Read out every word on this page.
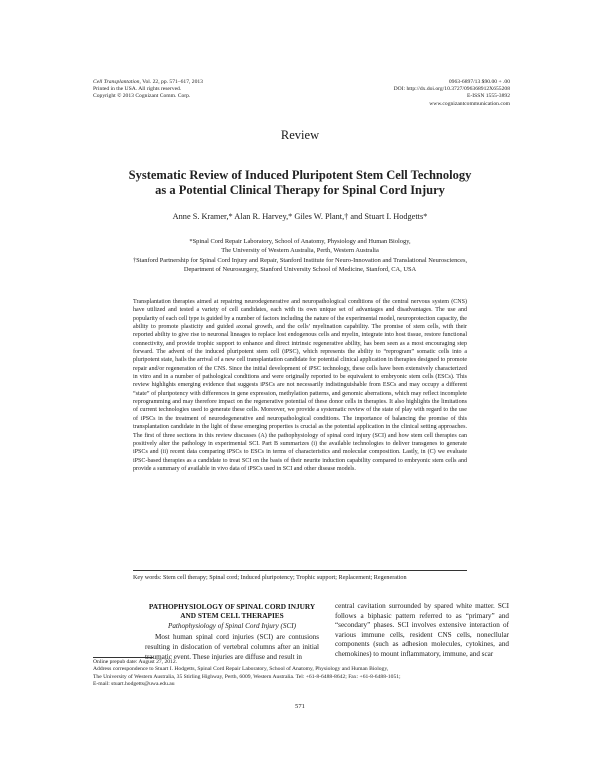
Cell Transplantation, Vol. 22, pp. 571–617, 2013
Printed in the USA. All rights reserved.
Copyright © 2013 Cognizant Comm. Corp.
0963-6897/13 $90.00 + .00
DOI: http://dx.doi.org/10.3727/096368912X655208
E-ISSN 1555-3892
www.cognizantcommunication.com
Review
Systematic Review of Induced Pluripotent Stem Cell Technology
as a Potential Clinical Therapy for Spinal Cord Injury
Anne S. Kramer,* Alan R. Harvey,* Giles W. Plant,† and Stuart I. Hodgetts*
*Spinal Cord Repair Laboratory, School of Anatomy, Physiology and Human Biology,
The University of Western Australia, Perth, Western Australia
†Stanford Partnership for Spinal Cord Injury and Repair, Stanford Institute for Neuro-Innovation and Translational Neurosciences,
Department of Neurosurgery, Stanford University School of Medicine, Stanford, CA, USA
Transplantation therapies aimed at repairing neurodegenerative and neuropathological conditions of the central nervous system (CNS) have utilized and tested a variety of cell candidates, each with its own unique set of advantages and disadvantages. The use and popularity of each cell type is guided by a number of factors including the nature of the experimental model, neuroprotection capacity, the ability to promote plasticity and guided axonal growth, and the cells’ myelination capability. The promise of stem cells, with their reported ability to give rise to neuronal lineages to replace lost endogenous cells and myelin, integrate into host tissue, restore functional connectivity, and provide trophic support to enhance and direct intrinsic regenerative ability, has been seen as a most encouraging step forward. The advent of the induced pluripotent stem cell (iPSC), which represents the ability to “reprogram” somatic cells into a pluripotent state, hails the arrival of a new cell transplantation candidate for potential clinical application in therapies designed to promote repair and/or regeneration of the CNS. Since the initial development of iPSC technology, these cells have been extensively characterized in vitro and in a number of pathological conditions and were originally reported to be equivalent to embryonic stem cells (ESCs). This review highlights emerging evidence that suggests iPSCs are not necessarily indistinguishable from ESCs and may occupy a different “state” of pluripotency with differences in gene expression, methylation patterns, and genomic aberrations, which may reflect incomplete reprogramming and may therefore impact on the regenerative potential of these donor cells in therapies. It also highlights the limitations of current technologies used to generate these cells. Moreover, we provide a systematic review of the state of play with regard to the use of iPSCs in the treatment of neurodegenerative and neuropathological conditions. The importance of balancing the promise of this transplantation candidate in the light of these emerging properties is crucial as the potential application in the clinical setting approaches. The first of three sections in this review discusses (A) the pathophysiology of spinal cord injury (SCI) and how stem cell therapies can positively alter the pathology in experimental SCI. Part B summarizes (i) the available technologies to deliver transgenes to generate iPSCs and (ii) recent data comparing iPSCs to ESCs in terms of characteristics and molecular composition. Lastly, in (C) we evaluate iPSC-based therapies as a candidate to treat SCI on the basis of their neurite induction capability compared to embryonic stem cells and provide a summary of available in vivo data of iPSCs used in SCI and other disease models.
Key words: Stem cell therapy; Spinal cord; Induced pluripotency; Trophic support; Replacement; Regeneration
PATHOPHYSIOLOGY OF SPINAL CORD INJURY
AND STEM CELL THERAPIES
Pathophysiology of Spinal Cord Injury (SCI)
Most human spinal cord injuries (SCI) are contusions resulting in dislocation of vertebral columns after an initial traumatic event. These injuries are diffuse and result in
central cavitation surrounded by spared white matter. SCI follows a biphasic pattern referred to as “primary” and “secondary” phases. SCI involves extensive interaction of various immune cells, resident CNS cells, nonecllular components (such as adhesion molecules, cytokines, and chemokines) to mount inflammatory, immune, and scar
Online prepub date: August 27, 2012.
Address correspondence to Stuart I. Hodgetts, Spinal Cord Repair Laboratory, School of Anatomy, Physiology and Human Biology,
The University of Western Australia, 35 Stirling Highway, Perth, 6009, Western Australia. Tel: +61-8-6488-8642; Fax: +61-8-6488-1051;
E-mail: stuart.hodgetts@uwa.edu.au
571
